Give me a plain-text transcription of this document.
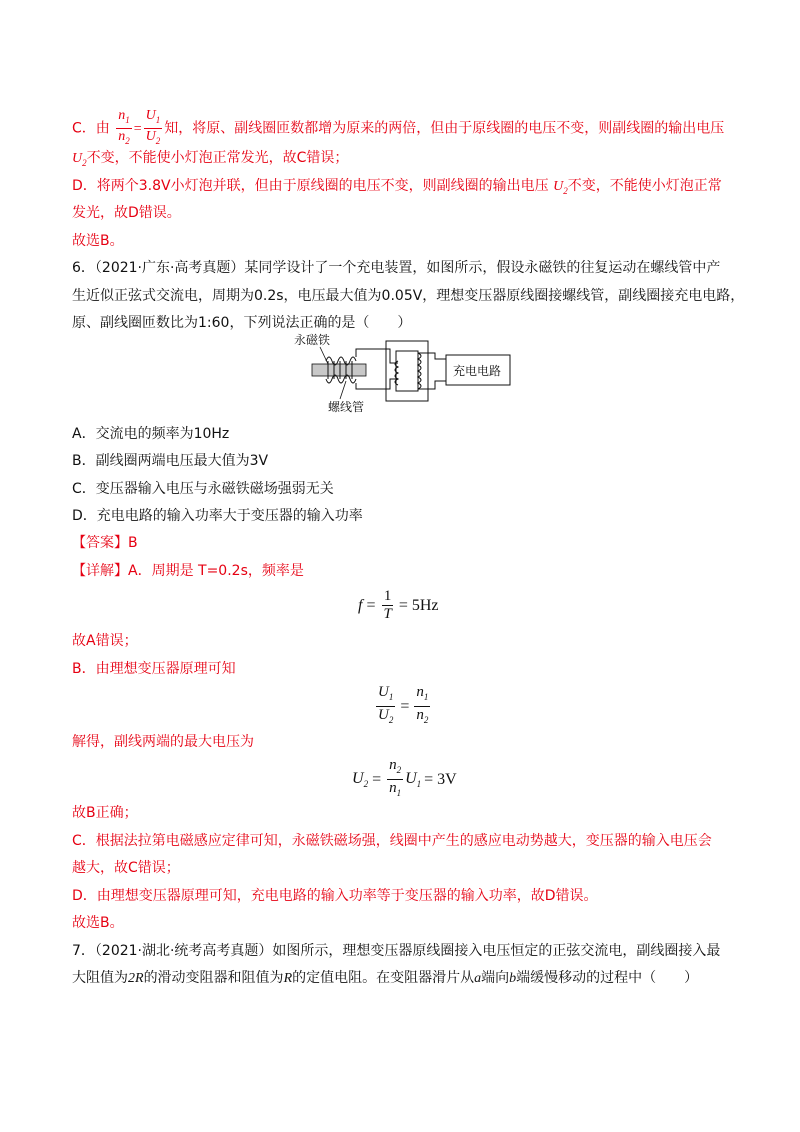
C．由 $\frac{n_1}{n_2} = \frac{U_1}{U_2}$ 知，将原、副线圈匝数都增为原来的两倍，但由于原线圈的电压不变，则副线圈的输出电压
$U_2$不变，不能使小灯泡正常发光，故C错误；
D．将两个3.8V小灯泡并联，但由于原线圈的电压不变，则副线圈的输出电压 $U_2$不变，不能使小灯泡正常
发光，故D错误。
故选B。
6．（2021·广东·高考真题）某同学设计了一个充电装置，如图所示，假设永磁铁的往复运动在螺线管中产
生近似正弦式交流电，周期为0.2s，电压最大值为0.05V，理想变压器原线圈接螺线管，副线圈接充电电路，
原、副线圈匝数比为1:60，下列说法正确的是（　　）
永磁铁
螺线管
充电电路
A．交流电的频率为10Hz
B．副线圈两端电压最大值为3V
C．变压器输入电压与永磁铁磁场强弱无关
D．充电电路的输入功率大于变压器的输入功率
【答案】B
【详解】A．周期是 T=0.2s，频率是
$f = \frac{1}{T} = 5Hz$
故A错误；
B．由理想变压器原理可知
$\frac{U_1}{U_2} = \frac{n_1}{n_2}$
解得，副线两端的最大电压为
$U_2 = \frac{n_2}{n_1} U_1 = 3V$
故B正确；
C．根据法拉第电磁感应定律可知，永磁铁磁场强，线圈中产生的感应电动势越大，变压器的输入电压会
越大，故C错误；
D．由理想变压器原理可知，充电电路的输入功率等于变压器的输入功率，故D错误。
故选B。
7．（2021·湖北·统考高考真题）如图所示，理想变压器原线圈接入电压恒定的正弦交流电，副线圈接入最
大阻值为2R的滑动变阻器和阻值为R的定值电阻。在变阻器滑片从a端向b端缓慢移动的过程中（　　）
